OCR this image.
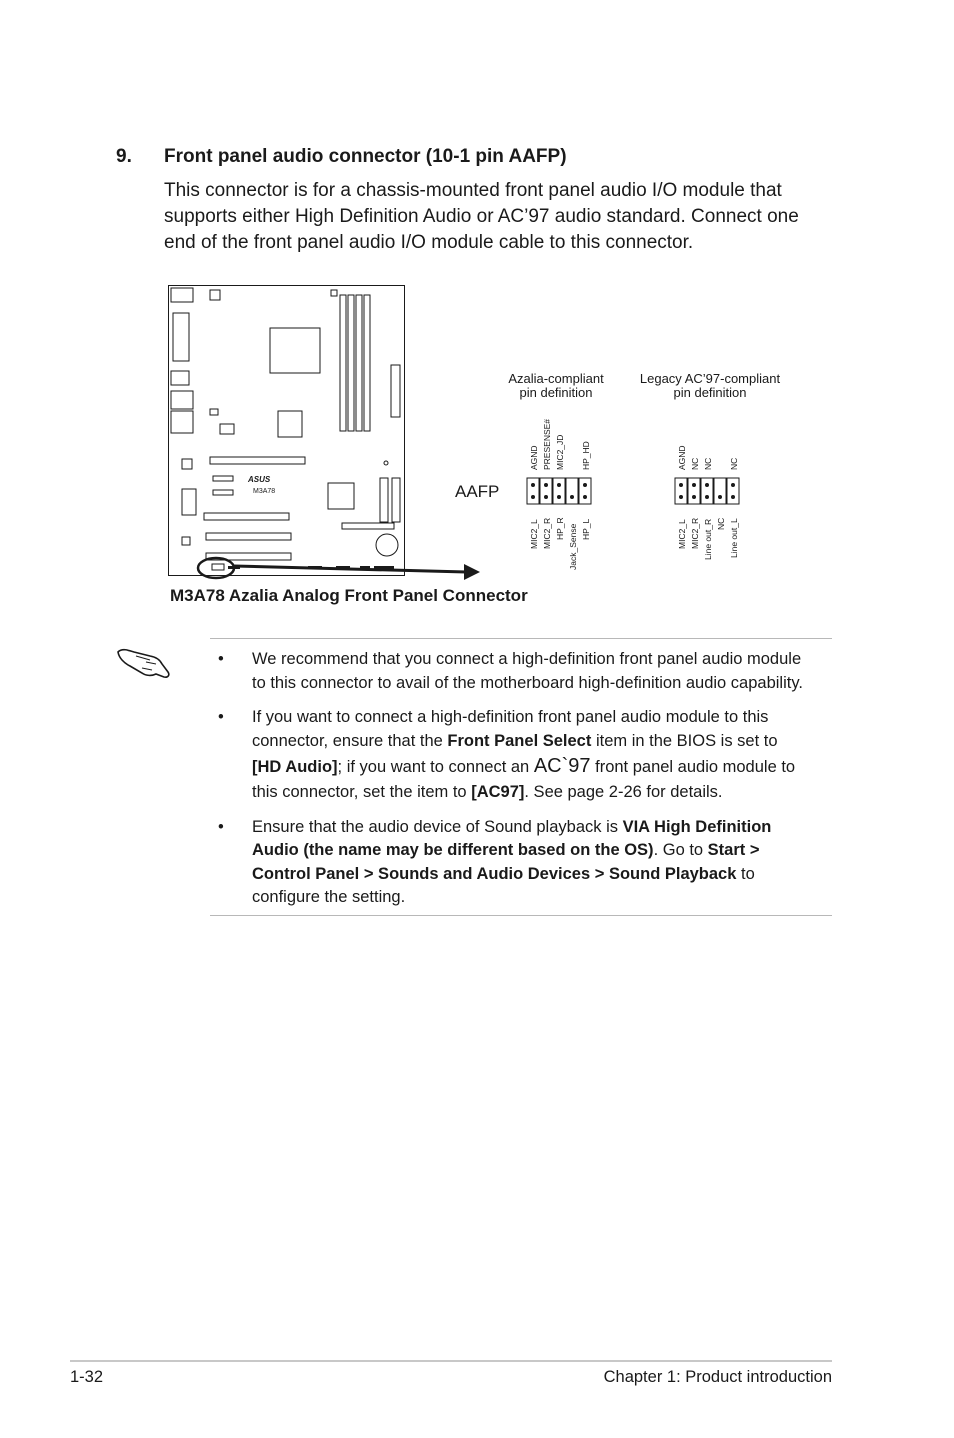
9. Front panel audio connector (10-1 pin AAFP)
This connector is for a chassis-mounted front panel audio I/O module that
supports either High Definition Audio or AC’97 audio standard. Connect one
end of the front panel audio I/O module cable to this connector.
ASUS
M3A78	AAFP
Azalia-compliant
pin definition
AGND PRESENSE# MIC2_JD HP_HD
MIC2_L MIC2_R HP_R Jack_Sense HP_L
Legacy AC’97-compliant
pin definition
AGND NC NC NC
MIC2_L MIC2_R Line out_R NC Line out_L
M3A78 Azalia Analog Front Panel Connector
• We recommend that you connect a high-definition front panel audio module
to this connector to avail of the motherboard high-definition audio capability.
• If you want to connect a high-definition front panel audio module to this
connector, ensure that the Front Panel Select item in the BIOS is set to
[HD Audio]; if you want to connect an AC`97 front panel audio module to
this connector, set the item to [AC97]. See page 2-26 for details.
• Ensure that the audio device of Sound playback is VIA High Definition
Audio (the name may be different based on the OS). Go to Start >
Control Panel > Sounds and Audio Devices > Sound Playback to
configure the setting.
1-32	Chapter 1: Product introduction
